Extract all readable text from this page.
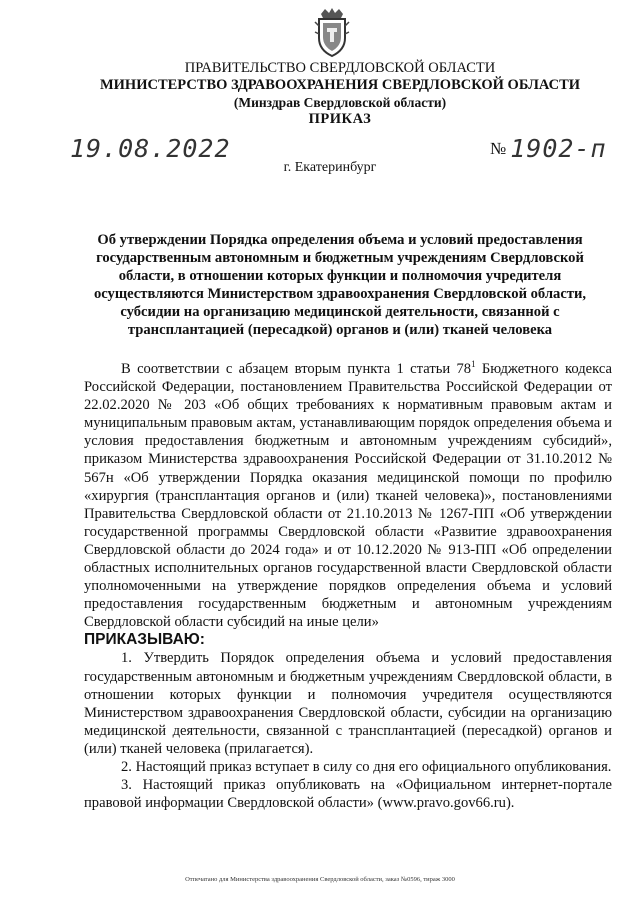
ПРАВИТЕЛЬСТВО СВЕРДЛОВСКОЙ ОБЛАСТИ
МИНИСТЕРСТВО ЗДРАВООХРАНЕНИЯ СВЕРДЛОВСКОЙ ОБЛАСТИ
(Минздрав Свердловской области)
ПРИКАЗ
19.08.2022	№ 1902-п
г. Екатеринбург
Об утверждении Порядка определения объема и условий предоставления государственным автономным и бюджетным учреждениям Свердловской области, в отношении которых функции и полномочия учредителя осуществляются Министерством здравоохранения Свердловской области, субсидии на организацию медицинской деятельности, связанной с трансплантацией (пересадкой) органов и (или) тканей человека

В соответствии с абзацем вторым пункта 1 статьи $78^1$ Бюджетного кодекса Российской Федерации, постановлением Правительства Российской Федерации от 22.02.2020 № 203 «Об общих требованиях к нормативным правовым актам и муниципальным правовым актам, устанавливающим порядок определения объема и условия предоставления бюджетным и автономным учреждениям субсидий», приказом Министерства здравоохранения Российской Федерации от 31.10.2012 № 567н «Об утверждении Порядка оказания медицинской помощи по профилю «хирургия (трансплантация органов и (или) тканей человека)», постановлениями Правительства Свердловской области от 21.10.2013 № 1267-ПП «Об утверждении государственной программы Свердловской области «Развитие здравоохранения Свердловской области до 2024 года» и от 10.12.2020 № 913-ПП «Об определении областных исполнительных органов государственной власти Свердловской области уполномоченными на утверждение порядков определения объема и условий предоставления государственным бюджетным и автономным учреждениям Свердловской области субсидий на иные цели»

ПРИКАЗЫВАЮ:

1. Утвердить Порядок определения объема и условий предоставления государственным автономным и бюджетным учреждениям Свердловской области, в отношении которых функции и полномочия учредителя осуществляются Министерством здравоохранения Свердловской области, субсидии на организацию медицинской деятельности, связанной с трансплантацией (пересадкой) органов и (или) тканей человека (прилагается).

2. Настоящий приказ вступает в силу со дня его официального опубликования.

3. Настоящий приказ опубликовать на «Официальном интернет-портале правовой информации Свердловской области» (www.pravo.gov66.ru).

Отпечатано для Министерства здравоохранения Свердловской области, заказ №0596, тираж 3000
